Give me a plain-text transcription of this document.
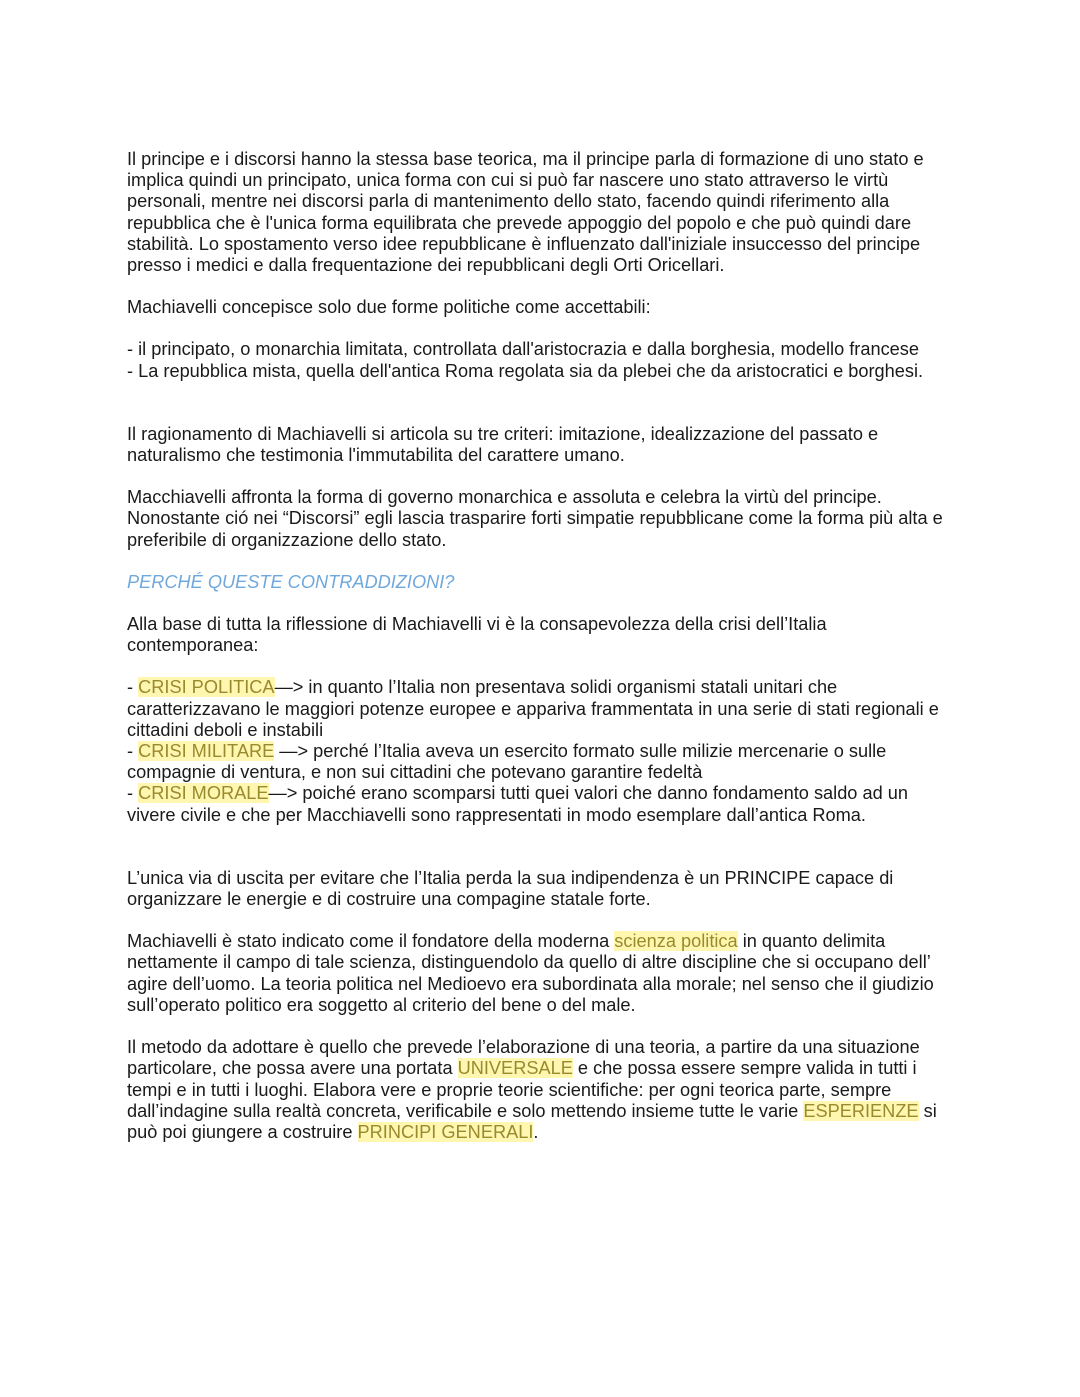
Il principe e i discorsi hanno la stessa base teorica, ma il principe parla di formazione di uno stato e implica quindi un principato, unica forma con cui si può far nascere uno stato attraverso le virtù personali, mentre nei discorsi parla di mantenimento dello stato, facendo quindi riferimento alla repubblica che è l'unica forma equilibrata che prevede appoggio del popolo e che può quindi dare stabilità. Lo spostamento verso idee repubblicane è influenzato dall'iniziale insuccesso del principe presso i medici e dalla frequentazione dei repubblicani degli Orti Oricellari.

Machiavelli concepisce solo due forme politiche come accettabili:

- il principato, o monarchia limitata, controllata dall'aristocrazia e dalla borghesia, modello francese

- La repubblica mista, quella dell'antica Roma regolata sia da plebei che da aristocratici e borghesi.

Il ragionamento di Machiavelli si articola su tre criteri: imitazione, idealizzazione del passato e naturalismo che testimonia l'immutabilita del carattere umano.

Macchiavelli affronta la forma di governo monarchica e assoluta e celebra la virtù del principe. Nonostante ció nei “Discorsi” egli lascia trasparire forti simpatie repubblicane come la forma più alta e preferibile di organizzazione dello stato.

PERCHÉ QUESTE CONTRADDIZIONI?

Alla base di tutta la riflessione di Machiavelli vi è la consapevolezza della crisi dell’Italia contemporanea:

- CRISI POLITICA—> in quanto l’Italia non presentava solidi organismi statali unitari che caratterizzavano le maggiori potenze europee e appariva frammentata in una serie di stati regionali e cittadini deboli e instabili

- CRISI MILITARE —> perché l’Italia aveva un esercito formato sulle milizie mercenarie o sulle compagnie di ventura, e non sui cittadini che potevano garantire fedeltà

- CRISI MORALE—> poiché erano scomparsi tutti quei valori che danno fondamento saldo ad un vivere civile e che per Macchiavelli sono rappresentati in modo esemplare dall’antica Roma.

L’unica via di uscita per evitare che l’Italia perda la sua indipendenza è un PRINCIPE capace di organizzare le energie e di costruire una compagine statale forte.

Machiavelli è stato indicato come il fondatore della moderna scienza politica in quanto delimita nettamente il campo di tale scienza, distinguendolo da quello di altre discipline che si occupano dell’ agire dell’uomo. La teoria politica nel Medioevo era subordinata alla morale; nel senso che il giudizio sull’operato politico era soggetto al criterio del bene o del male.

Il metodo da adottare è quello che prevede l’elaborazione di una teoria, a partire da una situazione particolare, che possa avere una portata UNIVERSALE e che possa essere sempre valida in tutti i tempi e in tutti i luoghi. Elabora vere e proprie teorie scientifiche: per ogni teorica parte, sempre dall’indagine sulla realtà concreta, verificabile e solo mettendo insieme tutte le varie ESPERIENZE si può poi giungere a costruire PRINCIPI GENERALI.
